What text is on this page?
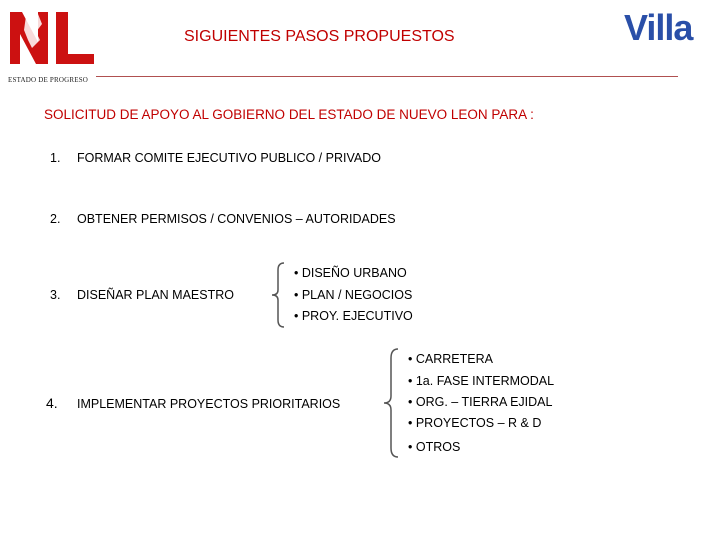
ESTADO DE PROGRESO
SIGUIENTES PASOS PROPUESTOS	Villa
SOLICITUD DE APOYO AL GOBIERNO DEL ESTADO DE NUEVO LEON PARA :
1. FORMAR COMITE EJECUTIVO PUBLICO / PRIVADO
2. OBTENER PERMISOS / CONVENIOS – AUTORIDADES
3. DISEÑAR PLAN MAESTRO
• DISEÑO URBANO
• PLAN / NEGOCIOS
• PROY. EJECUTIVO
4. IMPLEMENTAR PROYECTOS PRIORITARIOS
• CARRETERA
• 1a. FASE INTERMODAL
• ORG. – TIERRA EJIDAL
• PROYECTOS – R & D
• OTROS
